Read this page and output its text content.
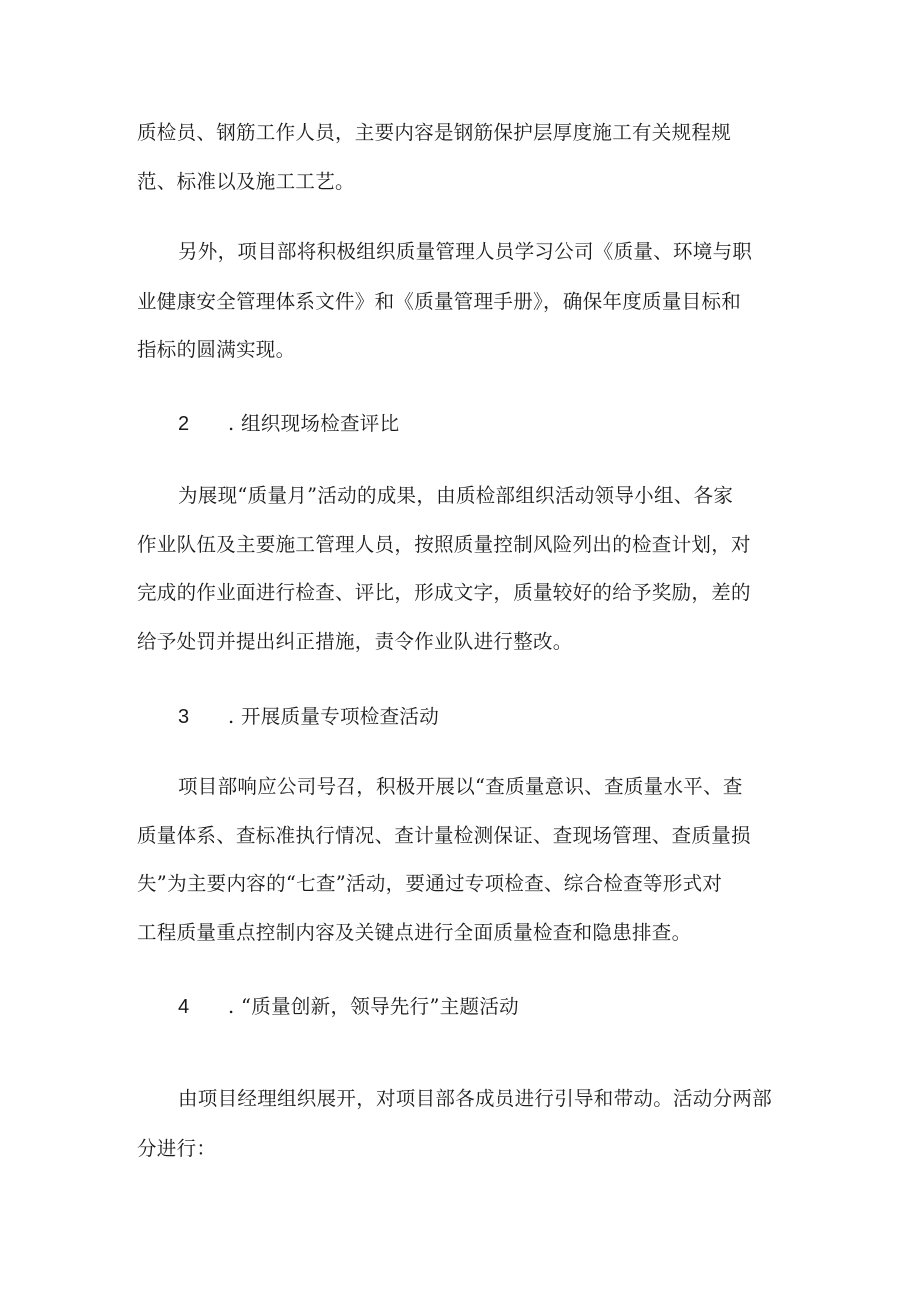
质检员、钢筋工作人员，主要内容是钢筋保护层厚度施工有关规程规
范、标准以及施工工艺。
另外，项目部将积极组织质量管理人员学习公司《质量、环境与职
业健康安全管理体系文件》和《质量管理手册》，确保年度质量目标和
指标的圆满实现。
2 . 组织现场检查评比
为展现“质量月”活动的成果，由质检部组织活动领导小组、各家
作业队伍及主要施工管理人员，按照质量控制风险列出的检查计划，对
完成的作业面进行检查、评比，形成文字，质量较好的给予奖励，差的
给予处罚并提出纠正措施，责令作业队进行整改。
3 . 开展质量专项检查活动
项目部响应公司号召，积极开展以“查质量意识、查质量水平、查
质量体系、查标准执行情况、查计量检测保证、查现场管理、查质量损
失”为主要内容的“七查”活动，要通过专项检查、综合检查等形式对
工程质量重点控制内容及关键点进行全面质量检查和隐患排查。
4 . “质量创新，领导先行”主题活动
由项目经理组织展开，对项目部各成员进行引导和带动。活动分两部
分进行：
